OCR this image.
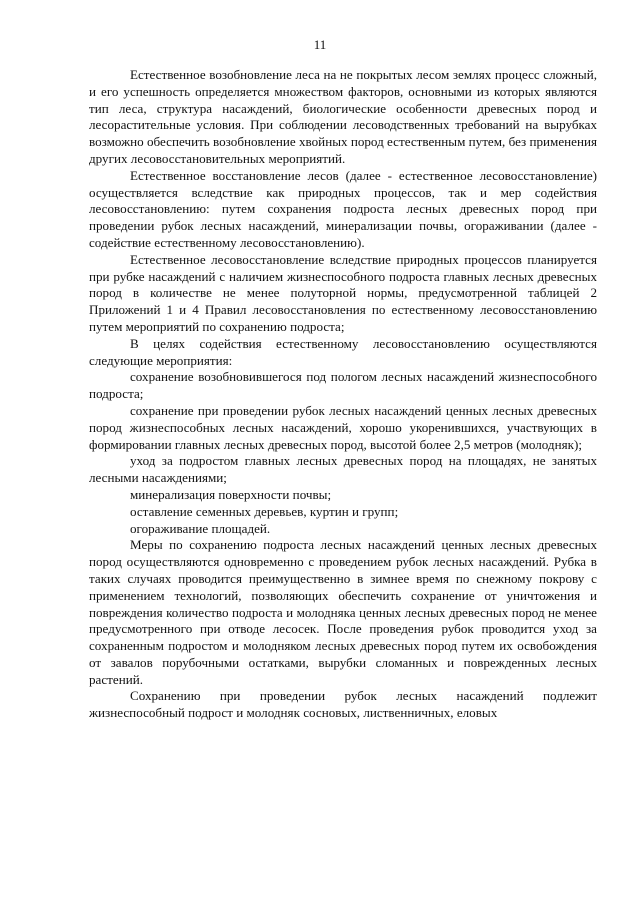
11

Естественное возобновление леса на не покрытых лесом землях процесс сложный, и его успешность определяется множеством факторов, основными из которых являются тип леса, структура насаждений, биологические особенности древесных пород и лесорастительные условия. При соблюдении лесоводственных требований на вырубках возможно обеспечить возобновление хвойных пород естественным путем, без применения других лесовосстановительных мероприятий.

Естественное восстановление лесов (далее - естественное лесовосстановление) осуществляется вследствие как природных процессов, так и мер содействия лесовосстановлению: путем сохранения подроста лесных древесных пород при проведении рубок лесных насаждений, минерализации почвы, огораживании (далее - содействие естественному лесовосстановлению).

Естественное лесовосстановление вследствие природных процессов планируется при рубке насаждений с наличием жизнеспособного подроста главных лесных древесных пород в количестве не менее полуторной нормы, предусмотренной таблицей 2 Приложений 1 и 4 Правил лесовосстановления по естественному лесовосстановлению путем мероприятий по сохранению подроста;

В целях содействия естественному лесовосстановлению осуществляются следующие мероприятия:

сохранение возобновившегося под пологом лесных насаждений жизнеспособного подроста;

сохранение при проведении рубок лесных насаждений ценных лесных древесных пород жизнеспособных лесных насаждений, хорошо укоренившихся, участвующих в формировании главных лесных древесных пород, высотой более 2,5 метров (молодняк);

уход за подростом главных лесных древесных пород на площадях, не занятых лесными насаждениями;

минерализация поверхности почвы;

оставление семенных деревьев, куртин и групп;

огораживание площадей.

Меры по сохранению подроста лесных насаждений ценных лесных древесных пород осуществляются одновременно с проведением рубок лесных насаждений. Рубка в таких случаях проводится преимущественно в зимнее время по снежному покрову с применением технологий, позволяющих обеспечить сохранение от уничтожения и повреждения количество подроста и молодняка ценных лесных древесных пород не менее предусмотренного при отводе лесосек. После проведения рубок проводится уход за сохраненным подростом и молодняком лесных древесных пород путем их освобождения от завалов порубочными остатками, вырубки сломанных и поврежденных лесных растений.

Сохранению при проведении рубок лесных насаждений подлежит жизнеспособный подрост и молодняк сосновых, лиственничных, еловых
